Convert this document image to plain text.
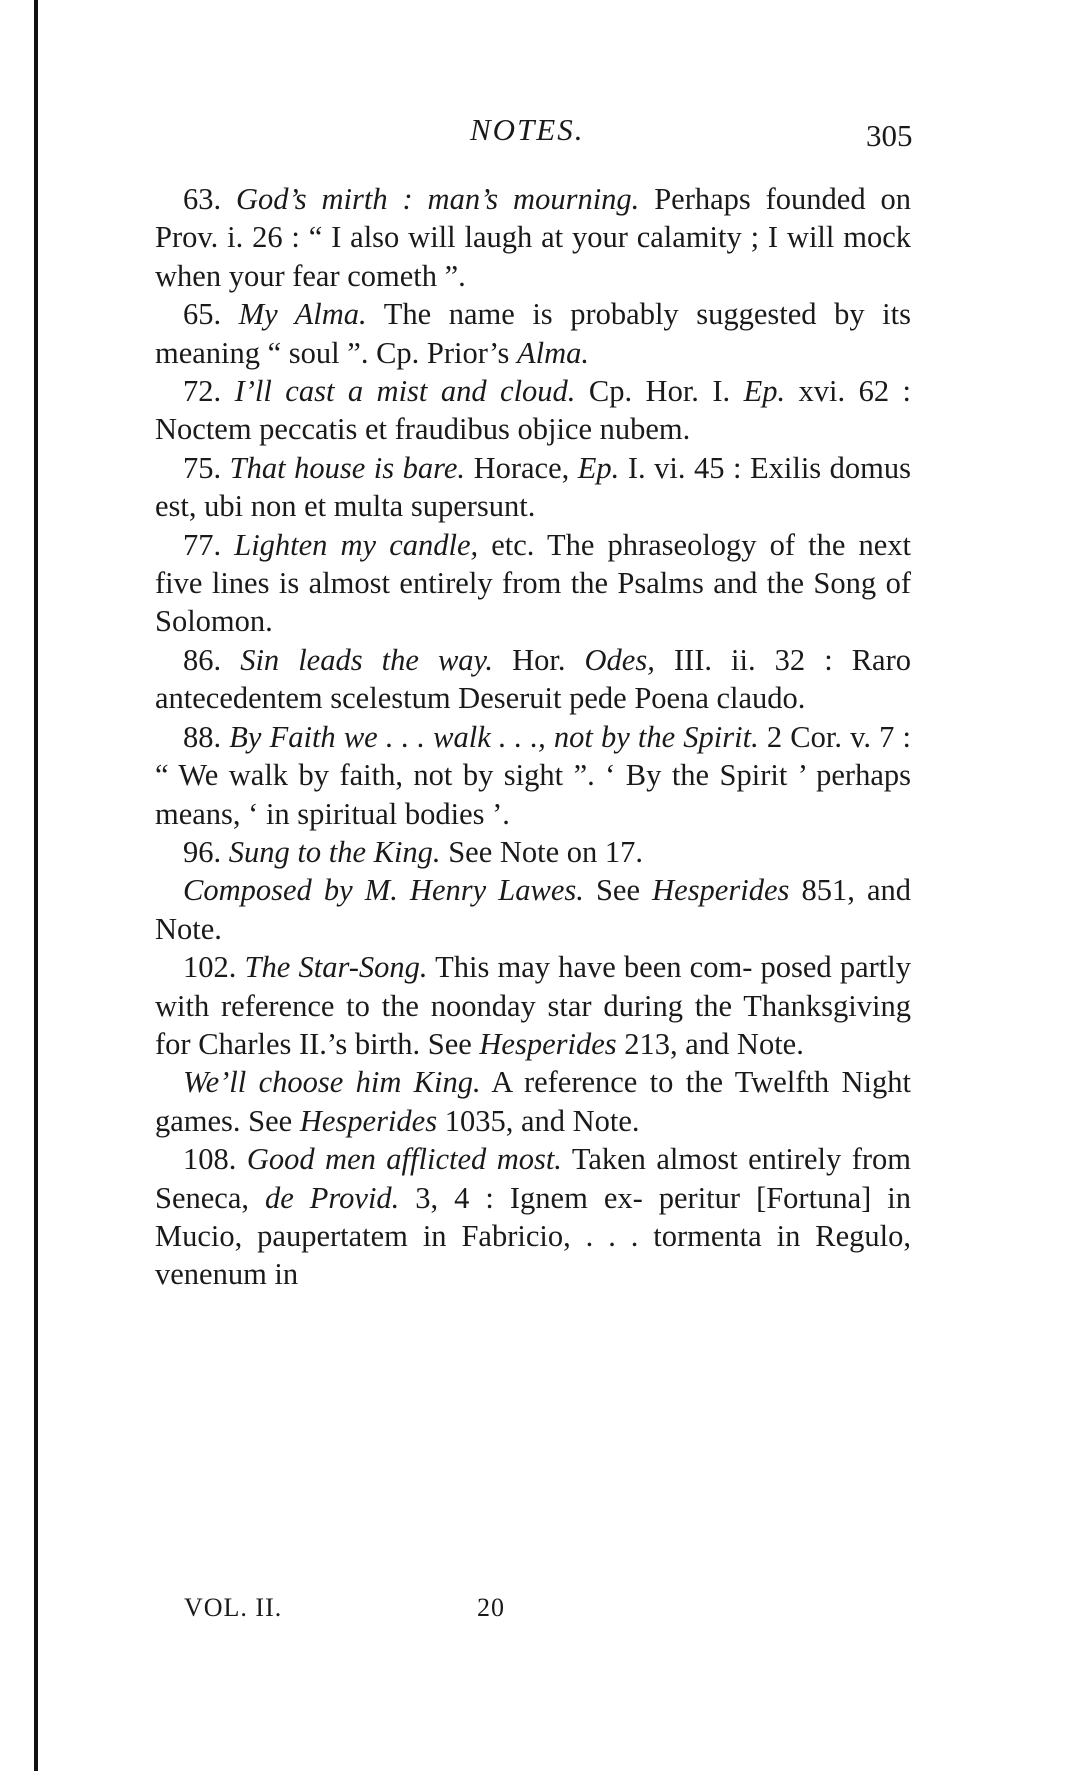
NOTES.	305

63. God’s mirth : man’s mourning. Perhaps founded on Prov. i. 26 : “ I also will laugh at your calamity ; I will mock when your fear cometh ”.

65. My Alma. The name is probably suggested by its meaning “ soul ”. Cp. Prior’s Alma.

72. I’ll cast a mist and cloud. Cp. Hor. I. Ep. xvi. 62 : Noctem peccatis et fraudibus objice nubem.

75. That house is bare. Horace, Ep. I. vi. 45 : Exilis domus est, ubi non et multa supersunt.

77. Lighten my candle, etc. The phraseology of the next five lines is almost entirely from the Psalms and the Song of Solomon.

86. Sin leads the way. Hor. Odes, III. ii. 32 : Raro antecedentem scelestum Deseruit pede Poena claudo.

88. By Faith we . . . walk . . ., not by the Spirit. 2 Cor. v. 7 : “ We walk by faith, not by sight ”. ‘ By the Spirit ’ perhaps means, ‘ in spiritual bodies ’.

96. Sung to the King. See Note on 17.

Composed by M. Henry Lawes. See Hesperides 851, and Note.

102. The Star-Song. This may have been com- posed partly with reference to the noonday star during the Thanksgiving for Charles II.’s birth. See Hesperides 213, and Note.

We’ll choose him King. A reference to the Twelfth Night games. See Hesperides 1035, and Note.

108. Good men afflicted most. Taken almost entirely from Seneca, de Provid. 3, 4 : Ignem ex- peritur [Fortuna] in Mucio, paupertatem in Fabricio, . . . tormenta in Regulo, venenum in

VOL. II.	20
